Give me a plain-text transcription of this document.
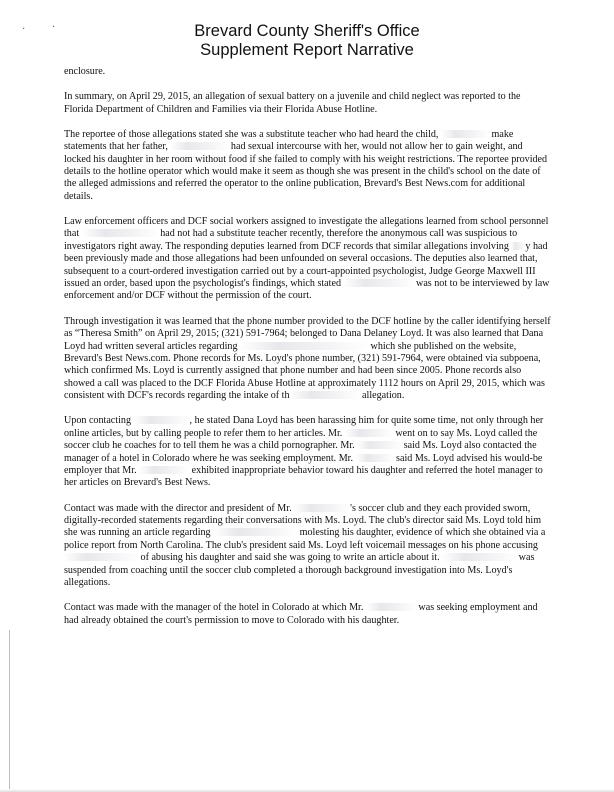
·	·	Brevard County Sheriff's Office
Supplement Report Narrative

enclosure.

In summary, on April 29, 2015, an allegation of sexual battery on a juvenile and child neglect was reported to the Florida Department of Children and Families via their Florida Abuse Hotline.

The reportee of those allegations stated she was a substitute teacher who had heard the child,	make statements that her father,	had sexual intercourse with her, would not allow her to gain weight, and locked his daughter in her room without food if she failed to comply with his weight restrictions. The reportee provided details to the hotline operator which would make it seem as though she was present in the child's school on the date of the alleged admissions and referred the operator to the online publication, Brevard's Best News.com for additional details.

Law enforcement officers and DCF social workers assigned to investigate the allegations learned from school personnel that	had not had a substitute teacher recently, therefore the anonymous call was suspicious to investigators right away. The responding deputies learned from DCF records that similar allegations involving y had been previously made and those allegations had been unfounded on several occasions. The deputies also learned that, subsequent to a court-ordered investigation carried out by a court-appointed psychologist, Judge George Maxwell III issued an order, based upon the psychologist's findings, which stated	was not to be interviewed by law enforcement and/or DCF without the permission of the court.

Through investigation it was learned that the phone number provided to the DCF hotline by the caller identifying herself as “Theresa Smith” on April 29, 2015; (321) 591-7964; belonged to Dana Delaney Loyd. It was also learned that Dana Loyd had written several articles regarding	which she published on the website, Brevard's Best News.com. Phone records for Ms. Loyd's phone number, (321) 591-7964, were obtained via subpoena, which confirmed Ms. Loyd is currently assigned that phone number and had been since 2005. Phone records also showed a call was placed to the DCF Florida Abuse Hotline at approximately 1112 hours on April 29, 2015, which was consistent with DCF's records regarding the intake of th	allegation.

Upon contacting	, he stated Dana Loyd has been harassing him for quite some time, not only through her online articles, but by calling people to refer them to her articles. Mr.	went on to say Ms. Loyd called the soccer club he coaches for to tell them he was a child pornographer. Mr.	said Ms. Loyd also contacted the manager of a hotel in Colorado where he was seeking employment. Mr.	said Ms. Loyd advised his would-be employer that Mr.	exhibited inappropriate behavior toward his daughter and referred the hotel manager to her articles on Brevard's Best News.

Contact was made with the director and president of Mr.	's soccer club and they each provided sworn, digitally-recorded statements regarding their conversations with Ms. Loyd. The club's director said Ms. Loyd told him she was running an article regarding	molesting his daughter, evidence of which she obtained via a police report from North Carolina. The club's president said Ms. Loyd left voicemail messages on his phone accusing  of abusing his daughter and said she was going to write an article about it.	was suspended from coaching until the soccer club completed a thorough background investigation into Ms. Loyd's allegations.

Contact was made with the manager of the hotel in Colorado at which Mr.	was seeking employment and had already obtained the court's permission to move to Colorado with his daughter.
